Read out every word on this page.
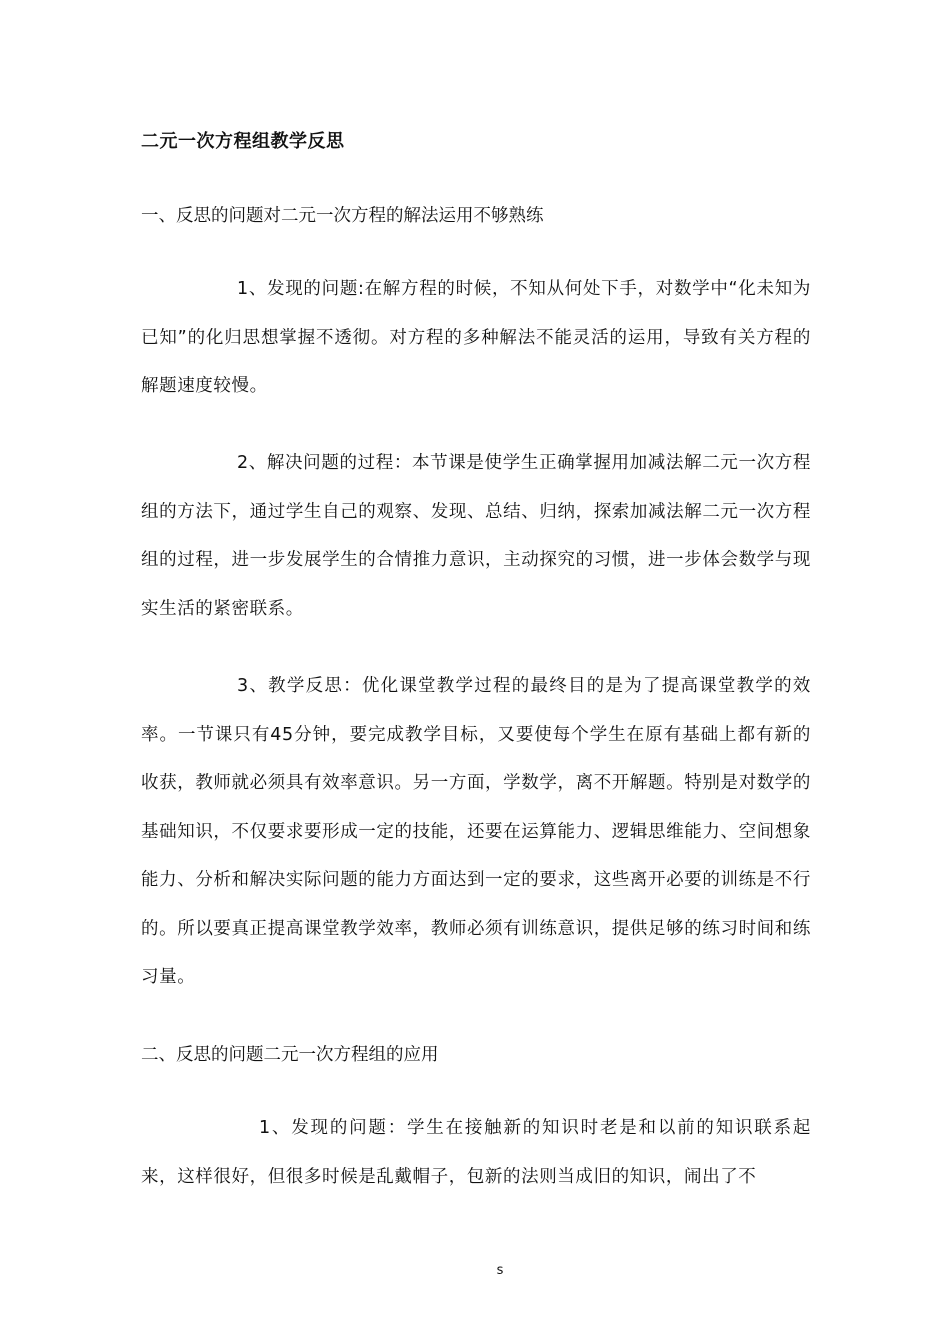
二元一次方程组教学反思
一、反思的问题对二元一次方程的解法运用不够熟练

1、发现的问题:在解方程的时候，不知从何处下手，对数学中“化未知为已知”的化归思想掌握不透彻。对方程的多种解法不能灵活的运用，导致有关方程的解题速度较慢。

2、解决问题的过程：本节课是使学生正确掌握用加减法解二元一次方程组的方法下，通过学生自己的观察、发现、总结、归纳，探索加减法解二元一次方程组的过程，进一步发展学生的合情推力意识，主动探究的习惯，进一步体会数学与现实生活的紧密联系。

3、教学反思：优化课堂教学过程的最终目的是为了提高课堂教学的效率。一节课只有45分钟，要完成教学目标，又要使每个学生在原有基础上都有新的收获，教师就必须具有效率意识。另一方面，学数学，离不开解题。特别是对数学的基础知识，不仅要求要形成一定的技能，还要在运算能力、逻辑思维能力、空间想象能力、分析和解决实际问题的能力方面达到一定的要求，这些离开必要的训练是不行的。所以要真正提高课堂教学效率，教师必须有训练意识，提供足够的练习时间和练习量。

二、反思的问题二元一次方程组的应用

1、发现的问题：学生在接触新的知识时老是和以前的知识联系起来，这样很好，但很多时候是乱戴帽子，包新的法则当成旧的知识，闹出了不

s
